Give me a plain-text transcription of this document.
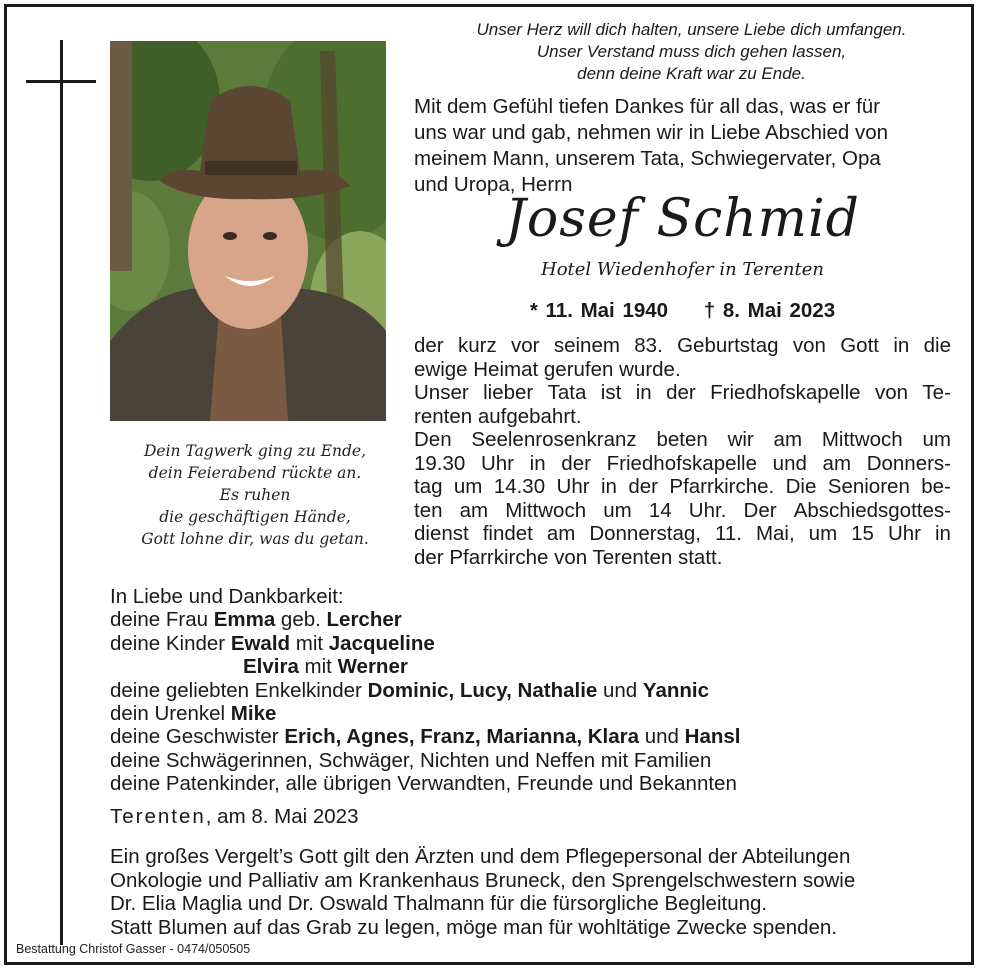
Dein Tagwerk ging zu Ende,
dein Feierabend rückte an.
Es ruhen
die geschäftigen Hände,
Gott lohne dir, was du getan.
Unser Herz will dich halten, unsere Liebe dich umfangen.
Unser Verstand muss dich gehen lassen,
denn deine Kraft war zu Ende.
Mit dem Gefühl tiefen Dankes für all das, was er für
uns war und gab, nehmen wir in Liebe Abschied von
meinem Mann, unserem Tata, Schwiegervater, Opa
und Uropa, Herrn
Josef Schmid
Hotel Wiedenhofer in Terenten
* 11. Mai 1940 † 8. Mai 2023
der kurz vor seinem 83. Geburtstag von Gott in die
ewige Heimat gerufen wurde.
Unser lieber Tata ist in der Friedhofskapelle von Te-
renten aufgebahrt.
Den Seelenrosenkranz beten wir am Mittwoch um
19.30 Uhr in der Friedhofskapelle und am Donners-
tag um 14.30 Uhr in der Pfarrkirche. Die Senioren be-
ten am Mittwoch um 14 Uhr. Der Abschiedsgottes-
dienst findet am Donnerstag, 11. Mai, um 15 Uhr in
der Pfarrkirche von Terenten statt.
In Liebe und Dankbarkeit:
deine Frau Emma geb. Lercher
deine Kinder Ewald mit Jacqueline
Elvira mit Werner
deine geliebten Enkelkinder Dominic, Lucy, Nathalie und Yannic
dein Urenkel Mike
deine Geschwister Erich, Agnes, Franz, Marianna, Klara und Hansl
deine Schwägerinnen, Schwäger, Nichten und Neffen mit Familien
deine Patenkinder, alle übrigen Verwandten, Freunde und Bekannten
Terenten, am 8. Mai 2023
Ein großes Vergelt’s Gott gilt den Ärzten und dem Pflegepersonal der Abteilungen
Onkologie und Palliativ am Krankenhaus Bruneck, den Sprengelschwestern sowie
Dr. Elia Maglia und Dr. Oswald Thalmann für die fürsorgliche Begleitung.
Statt Blumen auf das Grab zu legen, möge man für wohltätige Zwecke spenden.
Bestattung Christof Gasser - 0474/050505
